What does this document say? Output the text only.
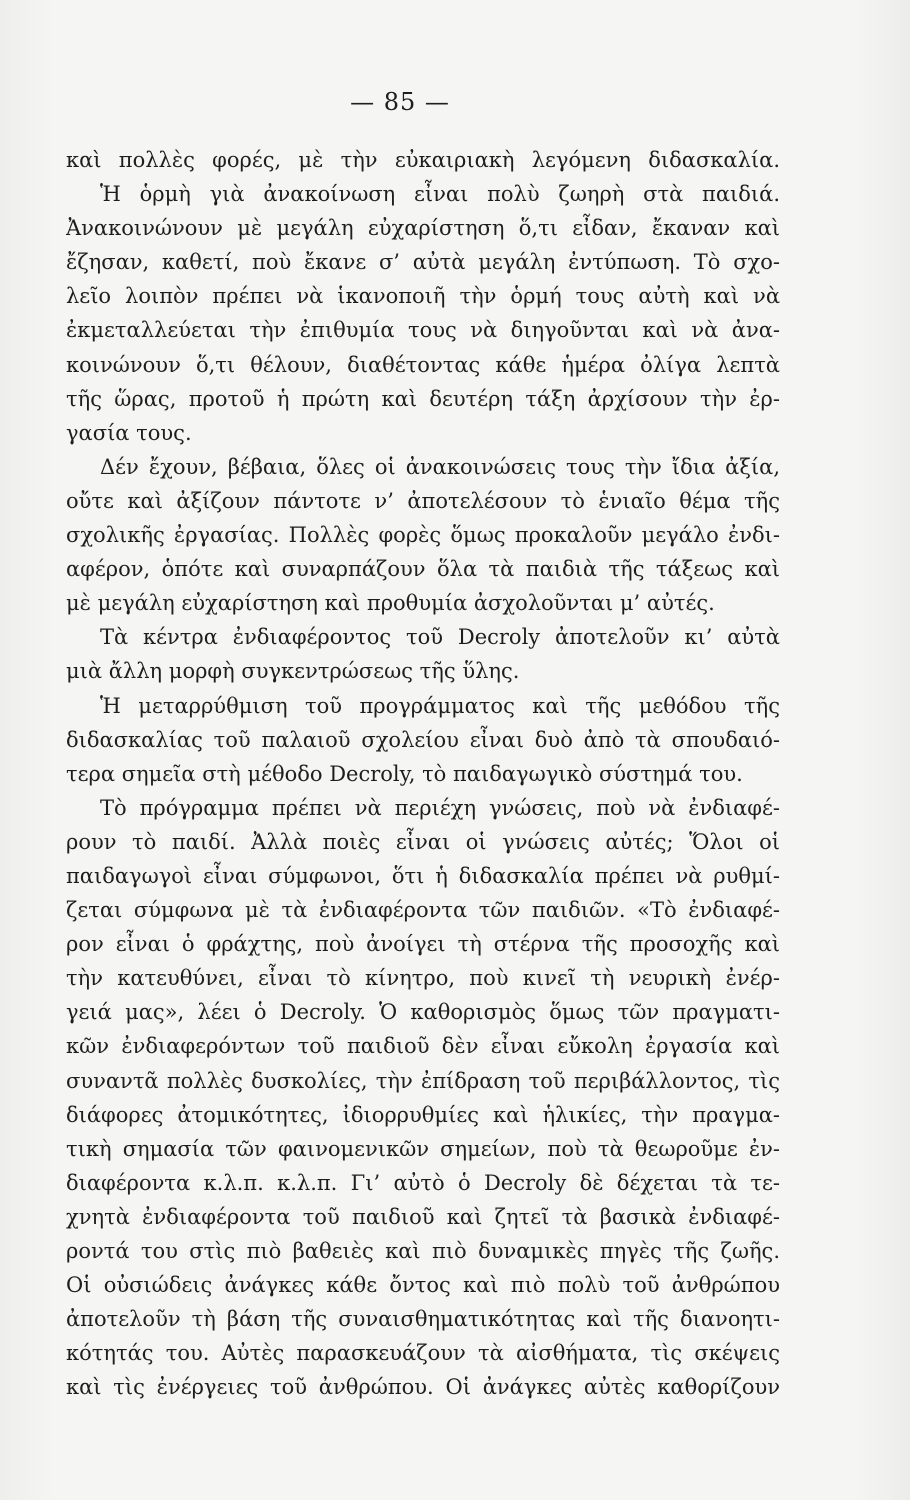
— 85 —
καὶ πολλὲς φορές, μὲ τὴν εὐκαιριακὴ λεγόμενη διδασκαλία.
Ἡ ὁρμὴ γιὰ ἀνακοίνωση εἶναι πολὺ ζωηρὴ στὰ παιδιά.
Ἀνακοινώνουν μὲ μεγάλη εὐχαρίστηση ὅ,τι εἶδαν, ἔκαναν καὶ
ἔζησαν, καθετί, ποὺ ἔκανε σ’ αὐτὰ μεγάλη ἐντύπωση. Τὸ σχο-
λεῖο λοιπὸν πρέπει νὰ ἱκανοποιῆ τὴν ὁρμή τους αὐτὴ καὶ νὰ
ἐκμεταλλεύεται τὴν ἐπιθυμία τους νὰ διηγοῦνται καὶ νὰ ἀνα-
κοινώνουν ὅ,τι θέλουν, διαθέτοντας κάθε ἡμέρα ὀλίγα λεπτὰ
τῆς ὥρας, προτοῦ ἡ πρώτη καὶ δευτέρη τάξη ἀρχίσουν τὴν ἐρ-
γασία τους.
Δέν ἔχουν, βέβαια, ὅλες οἱ ἀνακοινώσεις τους τὴν ἴδια ἀξία,
οὔτε καὶ ἀξίζουν πάντοτε ν’ ἀποτελέσουν τὸ ἑνιαῖο θέμα τῆς
σχολικῆς ἐργασίας. Πολλὲς φορὲς ὅμως προκαλοῦν μεγάλο ἐνδι-
αφέρον, ὁπότε καὶ συναρπάζουν ὅλα τὰ παιδιὰ τῆς τάξεως καὶ
μὲ μεγάλη εὐχαρίστηση καὶ προθυμία ἀσχολοῦνται μ’ αὐτές.
Τὰ κέντρα ἐνδιαφέροντος τοῦ Decroly ἀποτελοῦν κι’ αὐτὰ
μιὰ ἄλλη μορφὴ συγκεντρώσεως τῆς ὕλης.
Ἡ μεταρρύθμιση τοῦ προγράμματος καὶ τῆς μεθόδου τῆς
διδασκαλίας τοῦ παλαιοῦ σχολείου εἶναι δυὸ ἀπὸ τὰ σπουδαιό-
τερα σημεῖα στὴ μέθοδο Decroly, τὸ παιδαγωγικὸ σύστημά του.
Τὸ πρόγραμμα πρέπει νὰ περιέχη γνώσεις, ποὺ νὰ ἐνδιαφέ-
ρουν τὸ παιδί. Ἀλλὰ ποιὲς εἶναι οἱ γνώσεις αὐτές; Ὅλοι οἱ
παιδαγωγοὶ εἶναι σύμφωνοι, ὅτι ἡ διδασκαλία πρέπει νὰ ρυθμί-
ζεται σύμφωνα μὲ τὰ ἐνδιαφέροντα τῶν παιδιῶν. «Τὸ ἐνδιαφέ-
ρον εἶναι ὁ φράχτης, ποὺ ἀνοίγει τὴ στέρνα τῆς προσοχῆς καὶ
τὴν κατευθύνει, εἶναι τὸ κίνητρο, ποὺ κινεῖ τὴ νευρικὴ ἐνέρ-
γειά μας», λέει ὁ Decroly. Ὁ καθορισμὸς ὅμως τῶν πραγματι-
κῶν ἐνδιαφερόντων τοῦ παιδιοῦ δὲν εἶναι εὔκολη ἐργασία καὶ
συναντᾶ πολλὲς δυσκολίες, τὴν ἐπίδραση τοῦ περιβάλλοντος, τὶς
διάφορες ἀτομικότητες, ἰδιορρυθμίες καὶ ἡλικίες, τὴν πραγμα-
τικὴ σημασία τῶν φαινομενικῶν σημείων, ποὺ τὰ θεωροῦμε ἐν-
διαφέροντα κ.λ.π. κ.λ.π. Γι’ αὐτὸ ὁ Decroly δὲ δέχεται τὰ τε-
χνητὰ ἐνδιαφέροντα τοῦ παιδιοῦ καὶ ζητεῖ τὰ βασικὰ ἐνδιαφέ-
ροντά του στὶς πιὸ βαθειὲς καὶ πιὸ δυναμικὲς πηγὲς τῆς ζωῆς.
Οἱ οὐσιώδεις ἀνάγκες κάθε ὄντος καὶ πιὸ πολὺ τοῦ ἀνθρώπου
ἀποτελοῦν τὴ βάση τῆς συναισθηματικότητας καὶ τῆς διανοητι-
κότητάς του. Αὐτὲς παρασκευάζουν τὰ αἰσθήματα, τὶς σκέψεις
καὶ τὶς ἐνέργειες τοῦ ἀνθρώπου. Οἱ ἀνάγκες αὐτὲς καθορίζουν
